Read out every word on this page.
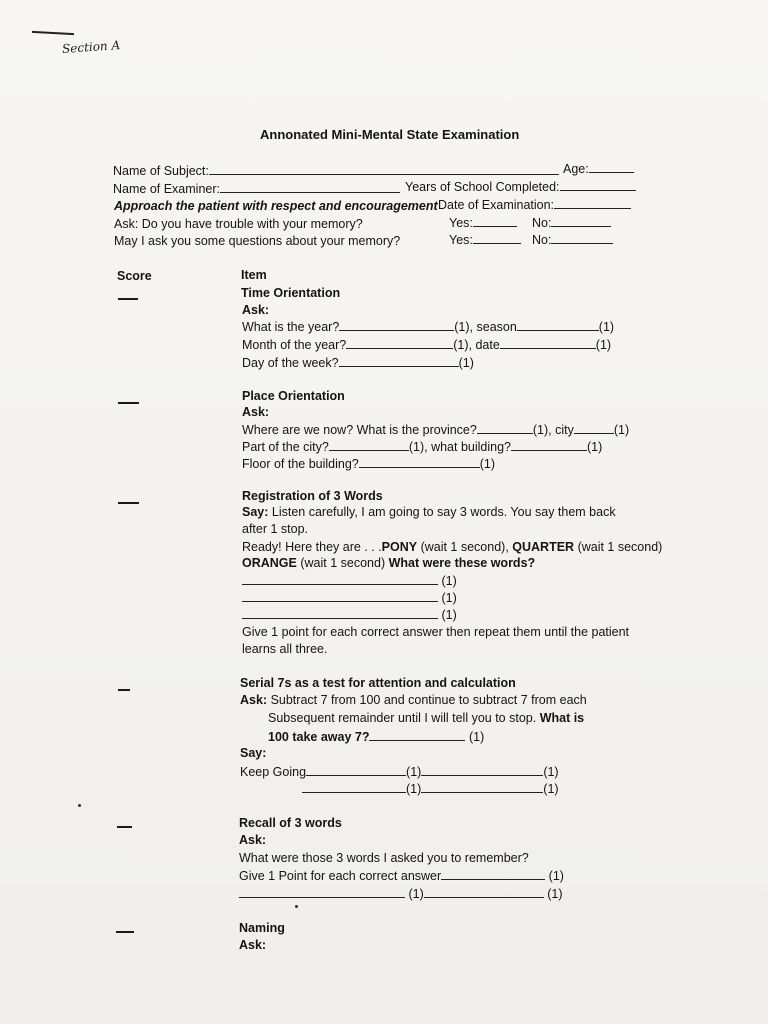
Section A
Annonated Mini-Mental State Examination
Name of Subject:	Age:
Name of Examiner:	Years of School Completed:
Approach the patient with respect and encouragement Date of Examination:
Ask: Do you have trouble with your memory?	Yes:	No:
May I ask you some questions about your memory?	Yes:	No:
Score	Item
Time Orientation
Ask:
What is the year?	(1), season	(1)
Month of the year?	(1), date	(1)
Day of the week?	(1)
Place Orientation
Ask:
Where are we now? What is the province?	(1), city	(1)
Part of the city?	(1), what building?	(1)
Floor of the building?	(1)
Registration of 3 Words
Say: Listen carefully, I am going to say 3 words. You say them back
after 1 stop.
Ready! Here they are . . .PONY (wait 1 second), QUARTER (wait 1 second)
ORANGE (wait 1 second) What were these words?
(1)
(1)
(1)
Give 1 point for each correct answer then repeat them until the patient
learns all three.
Serial 7s as a test for attention and calculation
Ask: Subtract 7 from 100 and continue to subtract 7 from each
Subsequent remainder until I will tell you to stop. What is
100 take away 7?	(1)
Say:
Keep Going	(1)	(1)
(1)	(1)
Recall of 3 words
Ask:
What were those 3 words I asked you to remember?
Give 1 Point for each correct answer	(1)
(1)	(1)
Naming
Ask:
